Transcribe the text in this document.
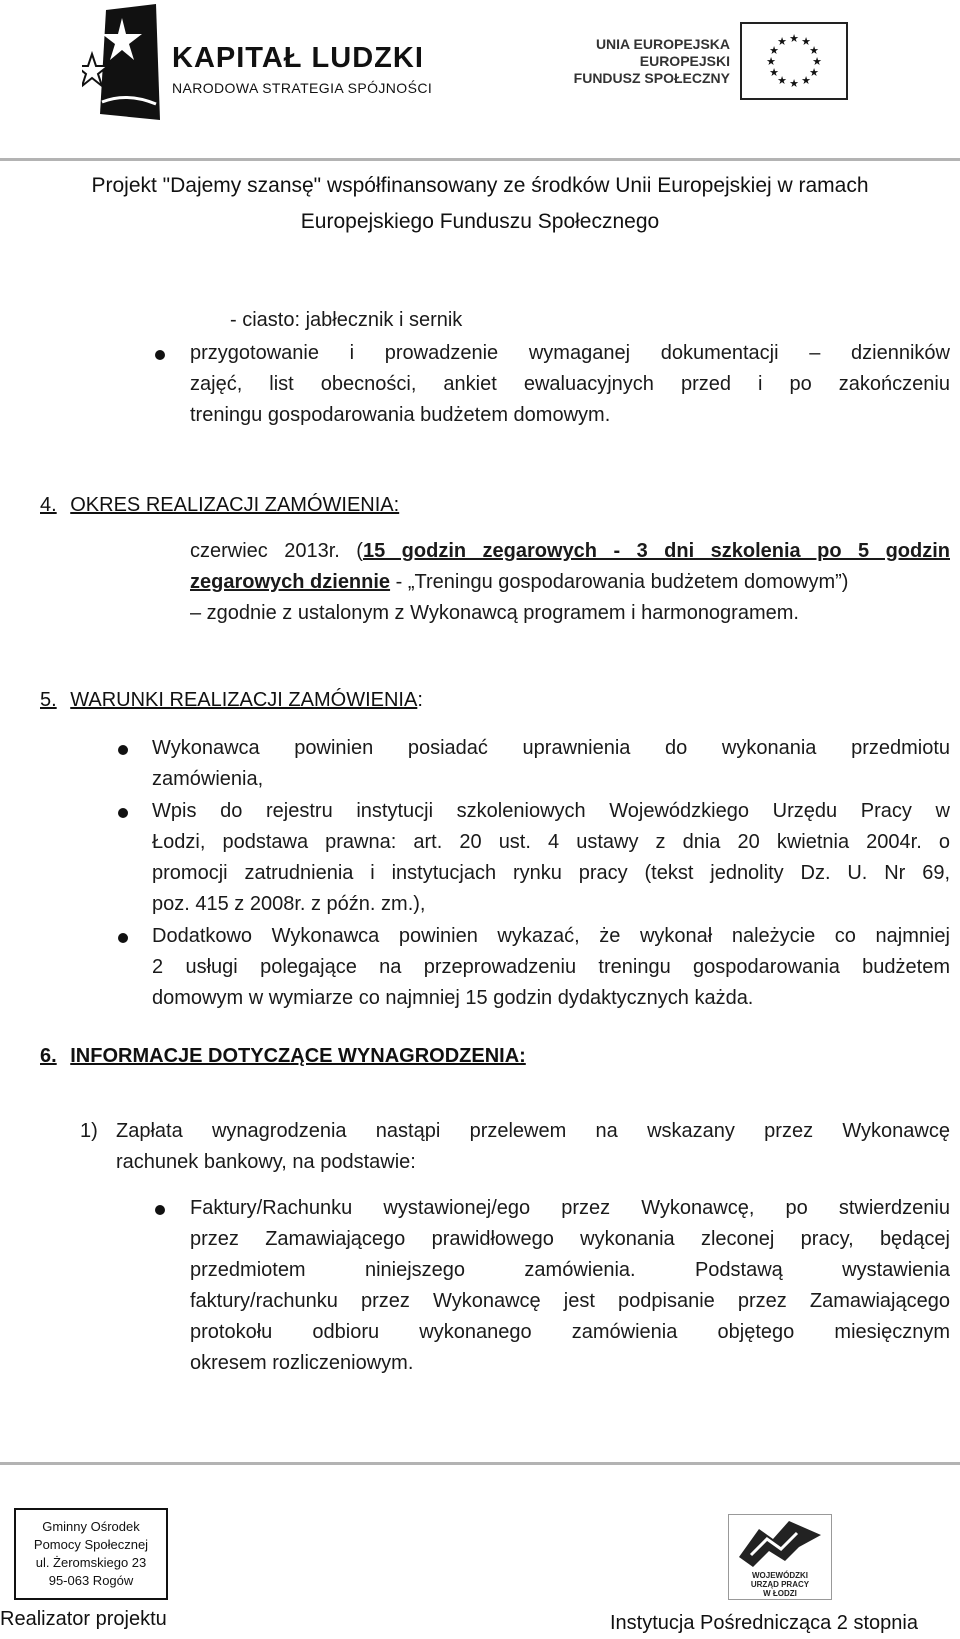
KAPITAŁ LUDZKI
NARODOWA STRATEGIA SPÓJNOŚCI
UNIA EUROPEJSKA
EUROPEJSKI
FUNDUSZ SPOŁECZNY
★ ★
★
★
★
★
★
★
★
★
★
★
Projekt "Dajemy szansę" współfinansowany ze środków Unii Europejskiej w ramach
Europejskiego Funduszu Społecznego
- ciasto: jabłecznik i sernik
przygotowanie i prowadzenie wymaganej dokumentacji – dzienników
zajęć, list obecności, ankiet ewaluacyjnych przed i po zakończeniu
treningu gospodarowania budżetem domowym.
4. OKRES REALIZACJI ZAMÓWIENIA:
czerwiec 2013r. (15 godzin zegarowych - 3 dni szkolenia po 5 godzin
zegarowych dziennie - „Treningu gospodarowania budżetem domowym”)
– zgodnie z ustalonym z Wykonawcą programem i harmonogramem.
5. WARUNKI REALIZACJI ZAMÓWIENIA:
Wykonawca powinien posiadać uprawnienia do wykonania przedmiotu
zamówienia,
Wpis do rejestru instytucji szkoleniowych Wojewódzkiego Urzędu Pracy w
Łodzi, podstawa prawna: art. 20 ust. 4 ustawy z dnia 20 kwietnia 2004r. o
promocji zatrudnienia i instytucjach rynku pracy (tekst jednolity Dz. U. Nr 69,
poz. 415 z 2008r. z późn. zm.),
Dodatkowo Wykonawca powinien wykazać, że wykonał należycie co najmniej
2 usługi polegające na przeprowadzeniu treningu gospodarowania budżetem
domowym w wymiarze co najmniej 15 godzin dydaktycznych każda.
6. INFORMACJE DOTYCZĄCE WYNAGRODZENIA:
1) Zapłata wynagrodzenia nastąpi przelewem na wskazany przez Wykonawcę
rachunek bankowy, na podstawie:
Faktury/Rachunku wystawionej/ego przez Wykonawcę, po stwierdzeniu
przez Zamawiającego prawidłowego wykonania zleconej pracy, będącej
przedmiotem niniejszego zamówienia. Podstawą wystawienia
faktury/rachunku przez Wykonawcę jest podpisanie przez Zamawiającego
protokołu odbioru wykonanego zamówienia objętego miesięcznym
okresem rozliczeniowym.
Gminny Ośrodek
Pomocy Społecznej
ul. Żeromskiego 23
95-063 Rogów
Realizator projektu
WOJEWÓDZKI
URZĄD PRACY
W ŁODZI
Instytucja Pośrednicząca 2 stopnia
